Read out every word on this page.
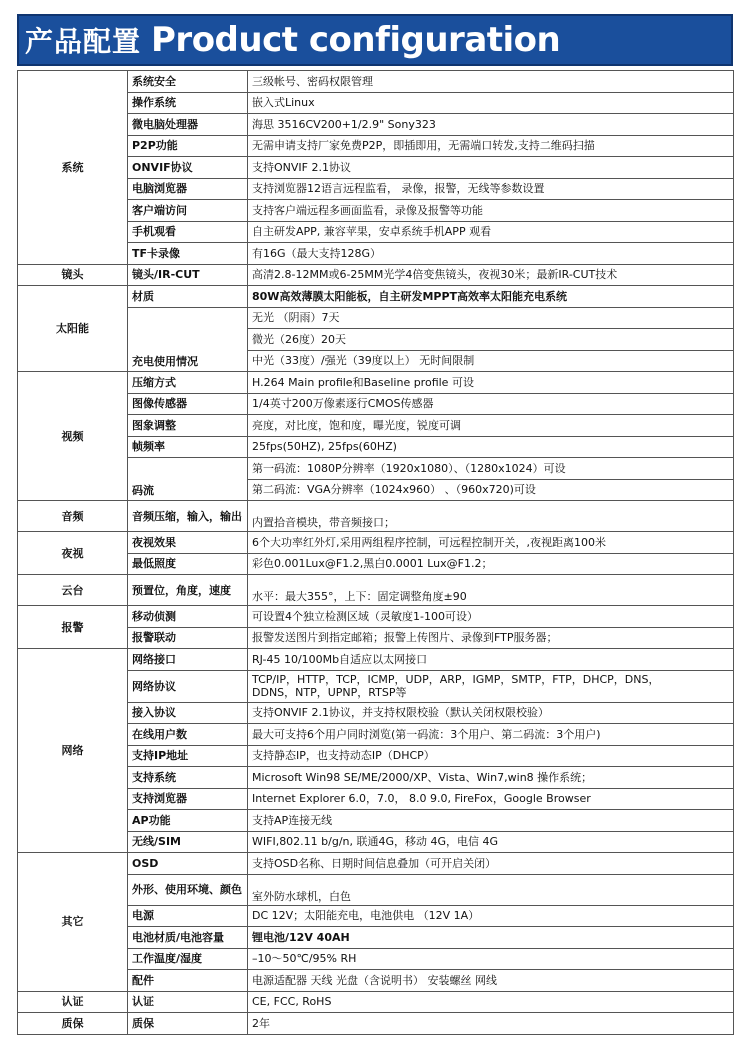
产品配置 Product configuration
系统	系统安全	三级帐号、密码权限管理
	操作系统	嵌入式Linux
	微电脑处理器	海思 3516CV200+1/2.9" Sony323
	P2P功能	无需申请支持厂家免费P2P，即插即用，无需端口转发,支持二维码扫描
	ONVIF协议	支持ONVIF 2.1协议
	电脑浏览器	支持浏览器12语言远程监看， 录像，报警，无线等参数设置
	客户端访问	支持客户端远程多画面监看，录像及报警等功能
	手机观看	自主研发APP, 兼容苹果，安卓系统手机APP 观看
	TF卡录像	有16G（最大支持128G）
镜头	镜头/IR-CUT	高清2.8-12MM或6-25MM光学4倍变焦镜头，夜视30米；最新IR-CUT技术
太阳能	材质	80W高效薄膜太阳能板，自主研发MPPT高效率太阳能充电系统
	充电使用情况	无光 （阴雨）7天
		微光（26度）20天
		中光（33度）/强光（39度以上） 无时间限制
视频	压缩方式	H.264 Main profile和Baseline profile 可设
	图像传感器	1/4英寸200万像素逐行CMOS传感器
	图象调整	亮度，对比度，饱和度，曝光度，锐度可调
	帧频率	25fps(50HZ), 25fps(60HZ)
	码流	第一码流：1080P分辨率（1920x1080）、（1280x1024）可设
		第二码流：VGA分辨率（1024x960） 、（960x720)可设
音频	音频压缩，输入，输出	内置拾音模块，带音频接口；
夜视	夜视效果	6个大功率红外灯,采用两组程序控制，可远程控制开关，,夜视距离100米
	最低照度	彩色0.001Lux@F1.2,黑白0.0001 Lux@F1.2；
云台	预置位，角度，速度	水平：最大355°，上下：固定调整角度±90
报警	移动侦测	可设置4个独立检测区域（灵敏度1-100可设）
	报警联动	报警发送图片到指定邮箱；报警上传图片、录像到FTP服务器；
网络	网络接口	RJ-45 10/100Mb自适应以太网接口
	网络协议	TCP/IP，HTTP，TCP，ICMP，UDP，ARP，IGMP，SMTP，FTP，DHCP，DNS，
DDNS，NTP，UPNP，RTSP等

	接入协议	支持ONVIF 2.1协议，并支持权限校验（默认关闭权限校验）
	在线用户数	最大可支持6个用户同时浏览(第一码流：3个用户、第二码流：3个用户)
	支持IP地址	支持静态IP，也支持动态IP（DHCP）
	支持系统	Microsoft Win98 SE/ME/2000/XP、Vista、Win7,win8 操作系统；
	支持浏览器	Internet Explorer 6.0，7.0， 8.0 9.0, FireFox，Google Browser
	AP功能	支持AP连接无线
	无线/SIM	WIFI,802.11 b/g/n, 联通4G，移动 4G，电信 4G
其它	OSD	支持OSD名称、日期时间信息叠加（可开启关闭）
	外形、使用环境、颜色	室外防水球机，白色
	电源	DC 12V；太阳能充电，电池供电 （12V 1A）
	电池材质/电池容量	锂电池/12V 40AH
	工作温度/湿度	–10～50℃/95% RH
	配件	电源适配器 天线 光盘（含说明书） 安装螺丝 网线
认证	认证	CE, FCC, RoHS
质保	质保	2年
